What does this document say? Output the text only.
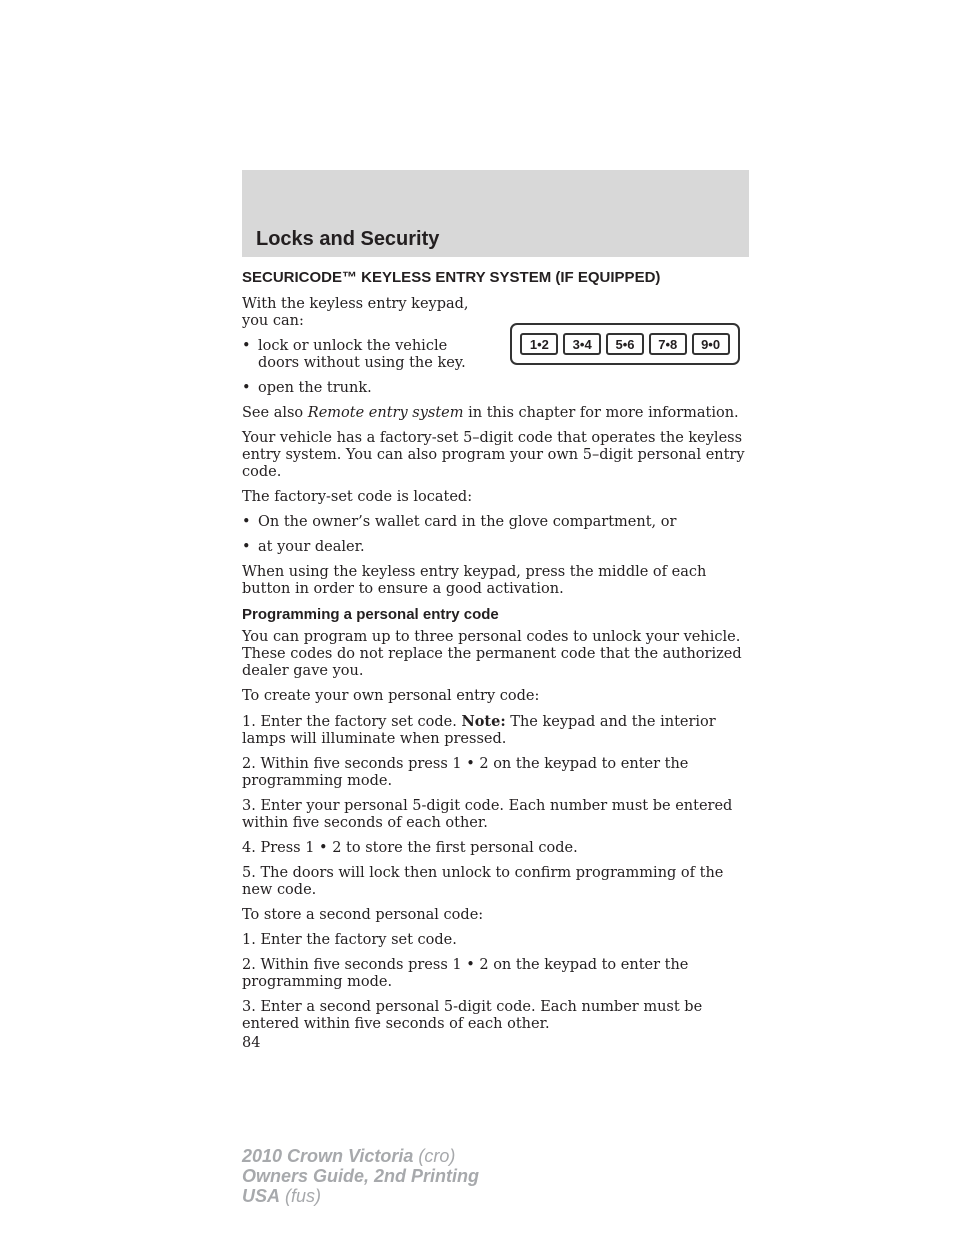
Locks and Security
SECURICODE™ KEYLESS ENTRY SYSTEM (IF EQUIPPED)

With the keyless entry keypad, you can:

• lock or unlock the vehicle doors without using the key.
1•2	3•4	5•6	7•8	9•0
• open the trunk.

See also Remote entry system in this chapter for more information.

Your vehicle has a factory-set 5–digit code that operates the keyless entry system. You can also program your own 5–digit personal entry code.

The factory-set code is located:

• On the owner’s wallet card in the glove compartment, or
• at your dealer.

When using the keyless entry keypad, press the middle of each button in order to ensure a good activation.

Programming a personal entry code

You can program up to three personal codes to unlock your vehicle. These codes do not replace the permanent code that the authorized dealer gave you.

To create your own personal entry code:

1. Enter the factory set code. Note: The keypad and the interior lamps will illuminate when pressed.

2. Within five seconds press 1 • 2 on the keypad to enter the programming mode.

3. Enter your personal 5-digit code. Each number must be entered within five seconds of each other.

4. Press 1 • 2 to store the first personal code.

5. The doors will lock then unlock to confirm programming of the new code.

To store a second personal code:

1. Enter the factory set code.

2. Within five seconds press 1 • 2 on the keypad to enter the programming mode.

3. Enter a second personal 5-digit code. Each number must be entered within five seconds of each other.

84
2010 Crown Victoria (cro)
Owners Guide, 2nd Printing
USA (fus)
